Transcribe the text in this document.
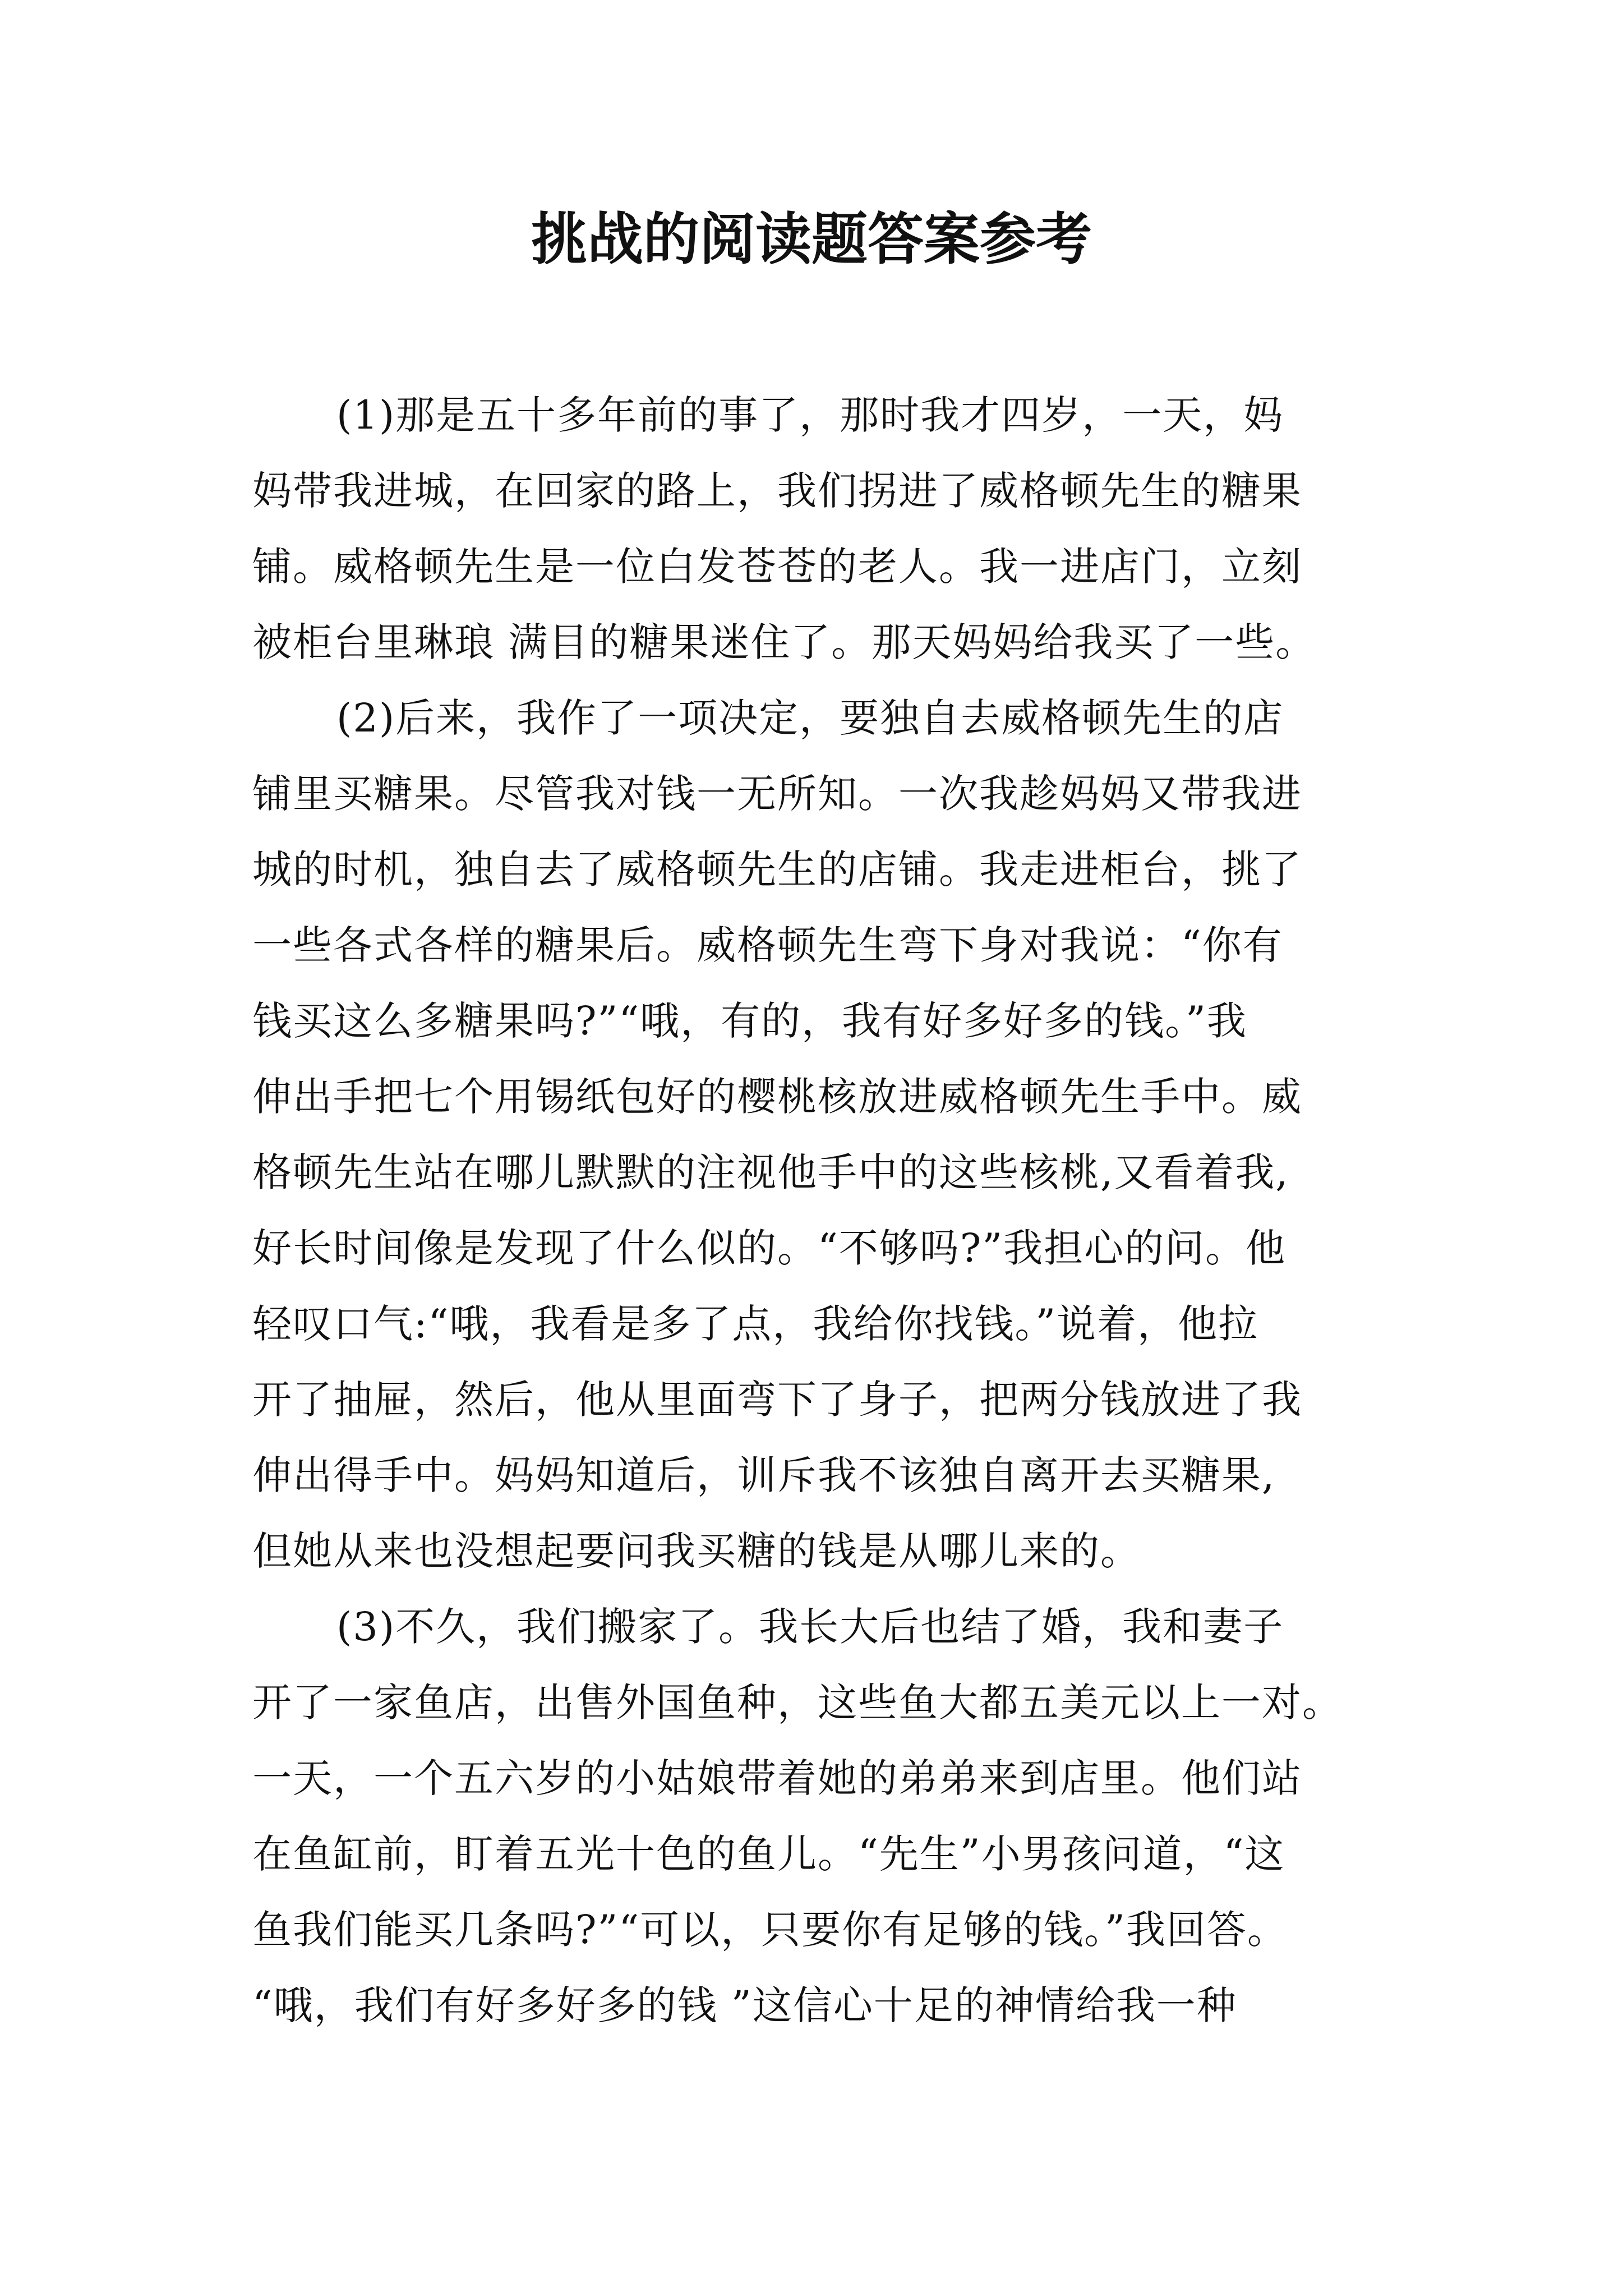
挑战的阅读题答案参考
(1)那是五十多年前的事了，那时我才四岁，一天，妈
妈带我进城，在回家的路上，我们拐进了威格顿先生的糖果
铺。威格顿先生是一位白发苍苍的老人。我一进店门，立刻
被柜台里琳琅 满目的糖果迷住了。那天妈妈给我买了一些。
(2)后来，我作了一项决定，要独自去威格顿先生的店
铺里买糖果。尽管我对钱一无所知。一次我趁妈妈又带我进
城的时机，独自去了威格顿先生的店铺。我走进柜台，挑了
一些各式各样的糖果后。威格顿先生弯下身对我说：“你有
钱买这么多糖果吗?”“哦，有的，我有好多好多的钱。”我
伸出手把七个用锡纸包好的樱桃核放进威格顿先生手中。威
格顿先生站在哪儿默默的注视他手中的这些核桃,又看着我,
好长时间像是发现了什么似的。“不够吗?”我担心的问。他
轻叹口气:“哦，我看是多了点，我给你找钱。”说着，他拉
开了抽屉，然后，他从里面弯下了身子，把两分钱放进了我
伸出得手中。妈妈知道后，训斥我不该独自离开去买糖果,
但她从来也没想起要问我买糖的钱是从哪儿来的。
(3)不久，我们搬家了。我长大后也结了婚，我和妻子
开了一家鱼店，出售外国鱼种，这些鱼大都五美元以上一对。
一天，一个五六岁的小姑娘带着她的弟弟来到店里。他们站
在鱼缸前，盯着五光十色的鱼儿。“先生”小男孩问道，“这
鱼我们能买几条吗?”“可以，只要你有足够的钱。”我回答。
“哦，我们有好多好多的钱 ”这信心十足的神情给我一种
